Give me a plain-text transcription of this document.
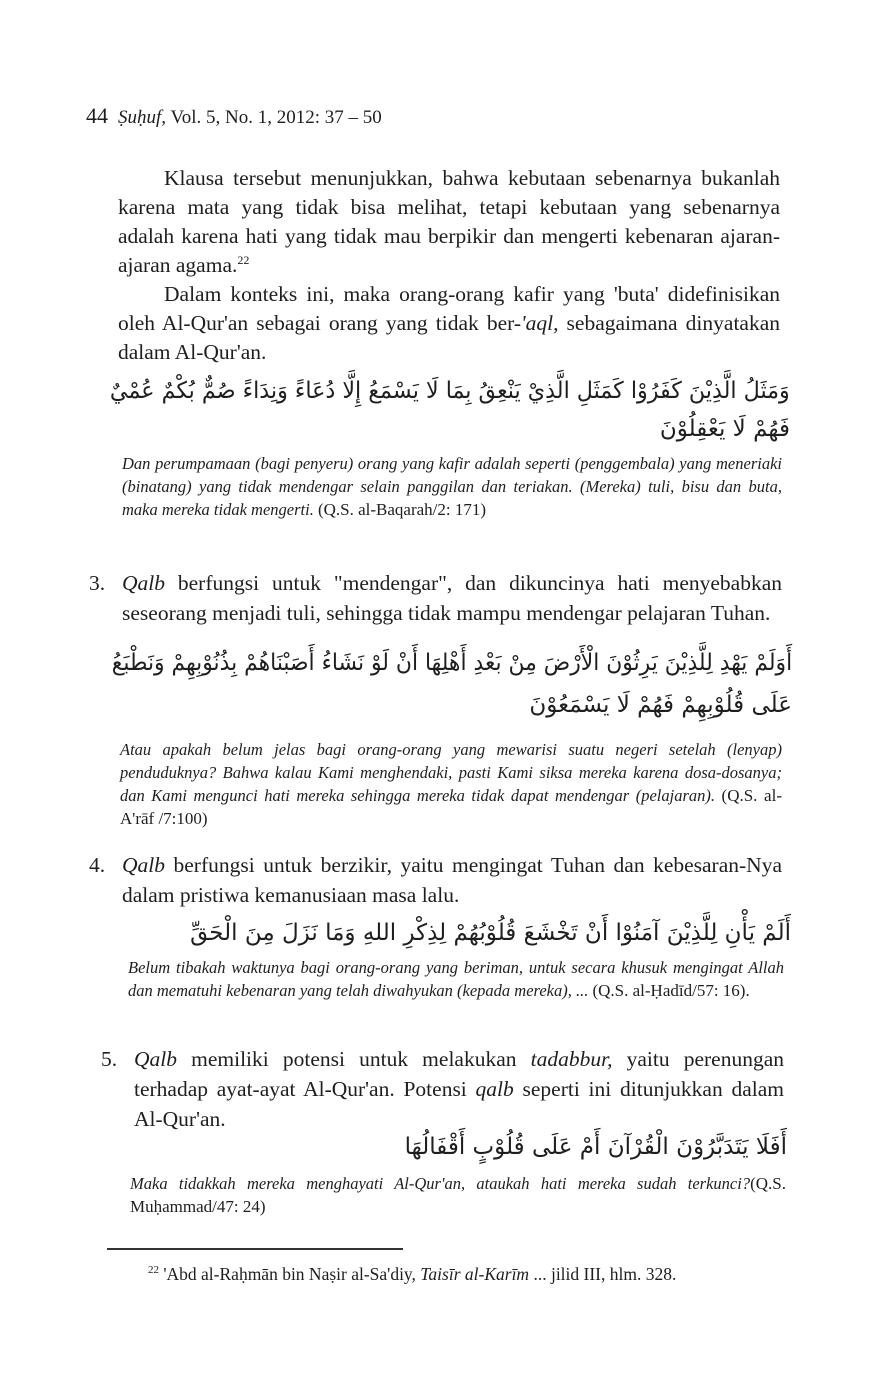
44 Ṣuḥuf, Vol. 5, No. 1, 2012: 37 – 50
Klausa tersebut menunjukkan, bahwa kebutaan sebenarnya bukanlah karena mata yang tidak bisa melihat, tetapi kebutaan yang sebenarnya adalah karena hati yang tidak mau berpikir dan mengerti kebenaran ajaran-ajaran agama.$^{22}$
Dalam konteks ini, maka orang-orang kafir yang 'buta' didefinisikan oleh Al-Qur'an sebagai orang yang tidak ber-'aql, sebagaimana dinyatakan dalam Al-Qur'an.
وَمَثَلُ الَّذِيْنَ كَفَرُوْا كَمَثَلِ الَّذِيْ يَنْعِقُ بِمَا لَا يَسْمَعُ إِلَّا دُعَاءً وَنِدَاءً صُمٌّ بُكْمٌ عُمْيٌ
فَهُمْ لَا يَعْقِلُوْنَ
Dan perumpamaan (bagi penyeru) orang yang kafir adalah seperti (penggembala) yang meneriaki (binatang) yang tidak mendengar selain panggilan dan teriakan. (Mereka) tuli, bisu dan buta, maka mereka tidak mengerti. (Q.S. al-Baqarah/2: 171)
3. Qalb berfungsi untuk "mendengar", dan dikuncinya hati menyebabkan seseorang menjadi tuli, sehingga tidak mampu mendengar pelajaran Tuhan.
أَوَلَمْ يَهْدِ لِلَّذِيْنَ يَرِثُوْنَ الْأَرْضَ مِنْ بَعْدِ أَهْلِهَا أَنْ لَوْ نَشَاءُ أَصَبْنَاهُمْ بِذُنُوْبِهِمْ وَنَطْبَعُ
عَلَى قُلُوْبِهِمْ فَهُمْ لَا يَسْمَعُوْنَ
Atau apakah belum jelas bagi orang-orang yang mewarisi suatu negeri setelah (lenyap) penduduknya? Bahwa kalau Kami menghendaki, pasti Kami siksa mereka karena dosa-dosanya; dan Kami mengunci hati mereka sehingga mereka tidak dapat mendengar (pelajaran). (Q.S. al-A'rāf /7:100)
4. Qalb berfungsi untuk berzikir, yaitu mengingat Tuhan dan kebesaran-Nya dalam pristiwa kemanusiaan masa lalu.
أَلَمْ يَأْنِ لِلَّذِيْنَ آمَنُوْا أَنْ تَخْشَعَ قُلُوْبُهُمْ لِذِكْرِ اللهِ وَمَا نَزَلَ مِنَ الْحَقِّ
Belum tibakah waktunya bagi orang-orang yang beriman, untuk secara khusuk mengingat Allah dan mematuhi kebenaran yang telah diwahyukan (kepada mereka), ... (Q.S. al-Ḥadīd/57: 16).
5. Qalb memiliki potensi untuk melakukan tadabbur, yaitu perenungan terhadap ayat-ayat Al-Qur'an. Potensi qalb seperti ini ditunjukkan dalam Al-Qur'an.
أَفَلَا يَتَدَبَّرُوْنَ الْقُرْآنَ أَمْ عَلَى قُلُوْبٍ أَقْفَالُهَا
Maka tidakkah mereka menghayati Al-Qur'an, ataukah hati mereka sudah terkunci?(Q.S. Muḥammad/47: 24)
$^{22}$ 'Abd al-Raḥmān bin Naṣir al-Sa'diy, Taisīr al-Karīm ... jilid III, hlm. 328.
